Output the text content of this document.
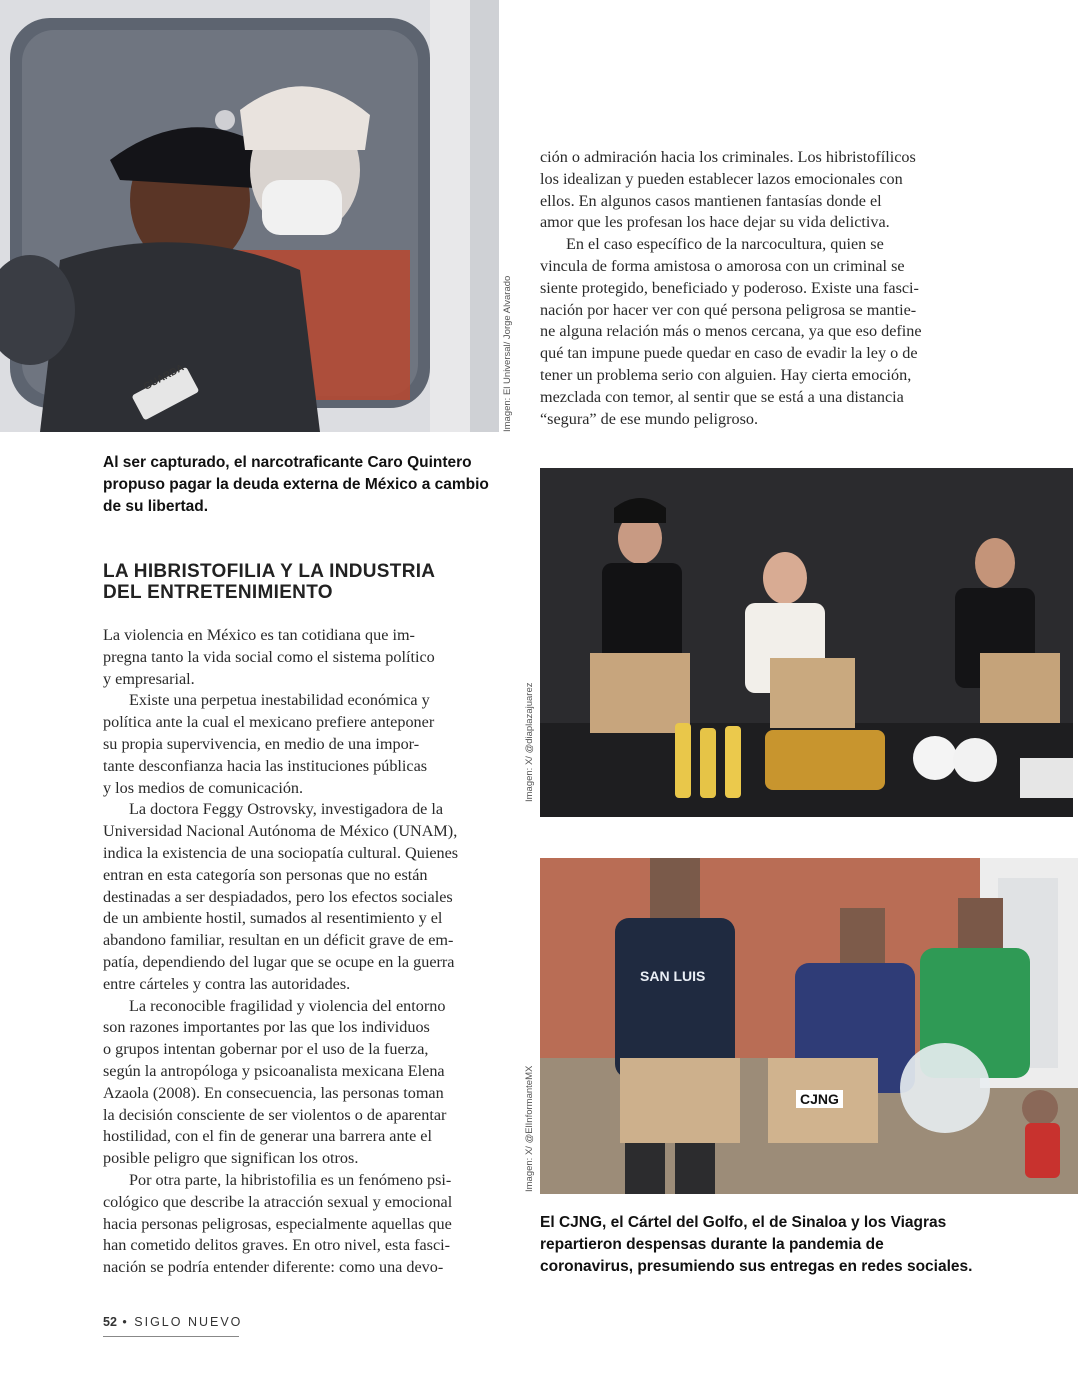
GUARDA	Imagen: El Universal/ Jorge Alvarado
Al ser capturado, el narcotraficante Caro Quintero propuso pagar la deuda externa de México a cambio de su libertad.
LA HIBRISTOFILIA Y LA INDUSTRIA
DEL ENTRETENIMIENTO
La violencia en México es tan cotidiana que im-
pregna tanto la vida social como el sistema político
y empresarial.
Existe una perpetua inestabilidad económica y
política ante la cual el mexicano prefiere anteponer
su propia supervivencia, en medio de una impor-
tante desconfianza hacia las instituciones públicas
y los medios de comunicación.
La doctora Feggy Ostrovsky, investigadora de la
Universidad Nacional Autónoma de México (UNAM),
indica la existencia de una sociopatía cultural. Quienes
entran en esta categoría son personas que no están
destinadas a ser despiadados, pero los efectos sociales
de un ambiente hostil, sumados al resentimiento y el
abandono familiar, resultan en un déficit grave de em-
patía, dependiendo del lugar que se ocupe en la guerra
entre cárteles y contra las autoridades.
La reconocible fragilidad y violencia del entorno
son razones importantes por las que los individuos
o grupos intentan gobernar por el uso de la fuerza,
según la antropóloga y psicoanalista mexicana Elena
Azaola (2008). En consecuencia, las personas toman
la decisión consciente de ser violentos o de aparentar
hostilidad, con el fin de generar una barrera ante el
posible peligro que significan los otros.
Por otra parte, la hibristofilia es un fenómeno psi-
cológico que describe la atracción sexual y emocional
hacia personas peligrosas, especialmente aquellas que
han cometido delitos graves. En otro nivel, esta fasci-
nación se podría entender diferente: como una devo-
ción o admiración hacia los criminales. Los hibristofílicos
los idealizan y pueden establecer lazos emocionales con
ellos. En algunos casos mantienen fantasías donde el
amor que les profesan los hace dejar su vida delictiva.
En el caso específico de la narcocultura, quien se
vincula de forma amistosa o amorosa con un criminal se
siente protegido, beneficiado y poderoso. Existe una fasci-
nación por hacer ver con qué persona peligrosa se mantie-
ne alguna relación más o menos cercana, ya que eso define
qué tan impune puede quedar en caso de evadir la ley o de
tener un problema serio con alguien. Hay cierta emoción,
mezclada con temor, al sentir que se está a una distancia
“segura” de ese mundo peligroso.
Imagen: X/ @diaplazajuarez
SAN LUIS
CJNG
Imagen: X/ @ElInformanteMX
El CJNG, el Cártel del Golfo, el de Sinaloa y los Viagras repartieron despensas durante la pandemia de coronavirus, presumiendo sus entregas en redes sociales.
52 • SIGLO NUEVO
